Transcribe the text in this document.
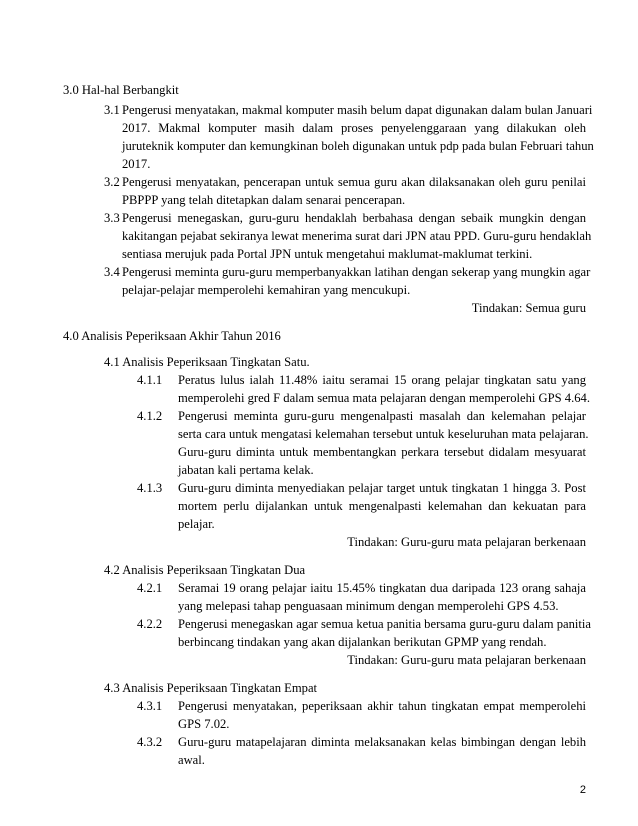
3.0 Hal-hal Berbangkit
3.1 Pengerusi menyatakan, makmal komputer masih belum dapat digunakan dalam bulan Januari
2017. Makmal komputer masih dalam proses penyelenggaraan yang dilakukan oleh
juruteknik komputer dan kemungkinan boleh digunakan untuk pdp pada bulan Februari tahun
2017.
3.2 Pengerusi menyatakan, pencerapan untuk semua guru akan dilaksanakan oleh guru penilai
PBPPP yang telah ditetapkan dalam senarai pencerapan.
3.3 Pengerusi menegaskan, guru-guru hendaklah berbahasa dengan sebaik mungkin dengan
kakitangan pejabat sekiranya lewat menerima surat dari JPN atau PPD. Guru-guru hendaklah
sentiasa merujuk pada Portal JPN untuk mengetahui maklumat-maklumat terkini.
3.4 Pengerusi meminta guru-guru memperbanyakkan latihan dengan sekerap yang mungkin agar
pelajar-pelajar memperolehi kemahiran yang mencukupi.
Tindakan: Semua guru
4.0 Analisis Peperiksaan Akhir Tahun 2016
4.1 Analisis Peperiksaan Tingkatan Satu.
4.1.1 Peratus lulus ialah 11.48% iaitu seramai 15 orang pelajar tingkatan satu yang
memperolehi gred F dalam semua mata pelajaran dengan memperolehi GPS 4.64.
4.1.2 Pengerusi meminta guru-guru mengenalpasti masalah dan kelemahan pelajar
serta cara untuk mengatasi kelemahan tersebut untuk keseluruhan mata pelajaran.
Guru-guru diminta untuk membentangkan perkara tersebut didalam mesyuarat
jabatan kali pertama kelak.
4.1.3 Guru-guru diminta menyediakan pelajar target untuk tingkatan 1 hingga 3. Post
mortem perlu dijalankan untuk mengenalpasti kelemahan dan kekuatan para
pelajar.
Tindakan: Guru-guru mata pelajaran berkenaan
4.2 Analisis Peperiksaan Tingkatan Dua
4.2.1 Seramai 19 orang pelajar iaitu 15.45% tingkatan dua daripada 123 orang sahaja
yang melepasi tahap penguasaan minimum dengan memperolehi GPS 4.53.
4.2.2 Pengerusi menegaskan agar semua ketua panitia bersama guru-guru dalam panitia
berbincang tindakan yang akan dijalankan berikutan GPMP yang rendah.
Tindakan: Guru-guru mata pelajaran berkenaan
4.3 Analisis Peperiksaan Tingkatan Empat
4.3.1 Pengerusi menyatakan, peperiksaan akhir tahun tingkatan empat memperolehi
GPS 7.02.
4.3.2 Guru-guru matapelajaran diminta melaksanakan kelas bimbingan dengan lebih
awal.
2
